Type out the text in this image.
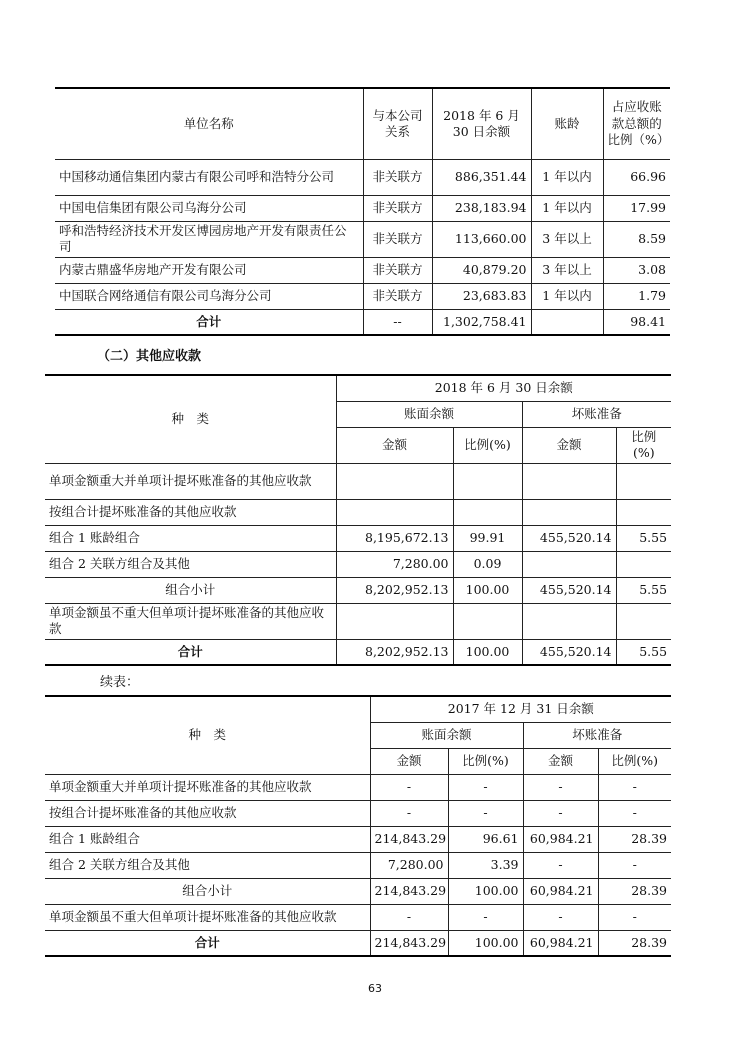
单位名称	与本公司关系	2018 年 6 月 30 日余额	账龄	占应收账款总额的比例（%）
中国移动通信集团内蒙古有限公司呼和浩特分公司	非关联方	886,351.44	1 年以内	66.96
中国电信集团有限公司乌海分公司	非关联方	238,183.94	1 年以内	17.99
呼和浩特经济技术开发区博园房地产开发有限责任公司	非关联方	113,660.00	3 年以上	8.59
内蒙古鼎盛华房地产开发有限公司	非关联方	40,879.20	3 年以上	3.08
中国联合网络通信有限公司乌海分公司	非关联方	23,683.83	1 年以内	1.79
合计	--	1,302,758.41		98.41
（二）其他应收款
种　类	2018 年 6 月 30 日余额			
	账面余额		坏账准备	
	金额	比例(%)	金额	比例(%)
单项金额重大并单项计提坏账准备的其他应收款				
按组合计提坏账准备的其他应收款				
组合 1 账龄组合	8,195,672.13	99.91	455,520.14	5.55
组合 2 关联方组合及其他	7,280.00	0.09		
组合小计	8,202,952.13	100.00	455,520.14	5.55
单项金额虽不重大但单项计提坏账准备的其他应收款				
合计	8,202,952.13	100.00	455,520.14	5.55
续表：
种　类	2017 年 12 月 31 日余额			
	账面余额		坏账准备	
	金额	比例(%)	金额	比例(%)
单项金额重大并单项计提坏账准备的其他应收款	-	-	-	-
按组合计提坏账准备的其他应收款	-	-	-	-
组合 1 账龄组合	214,843.29	96.61	60,984.21	28.39
组合 2 关联方组合及其他	7,280.00	3.39	-	-
组合小计	214,843.29	100.00	60,984.21	28.39
单项金额虽不重大但单项计提坏账准备的其他应收款	-	-	-	-
合计	214,843.29	100.00	60,984.21	28.39
63
